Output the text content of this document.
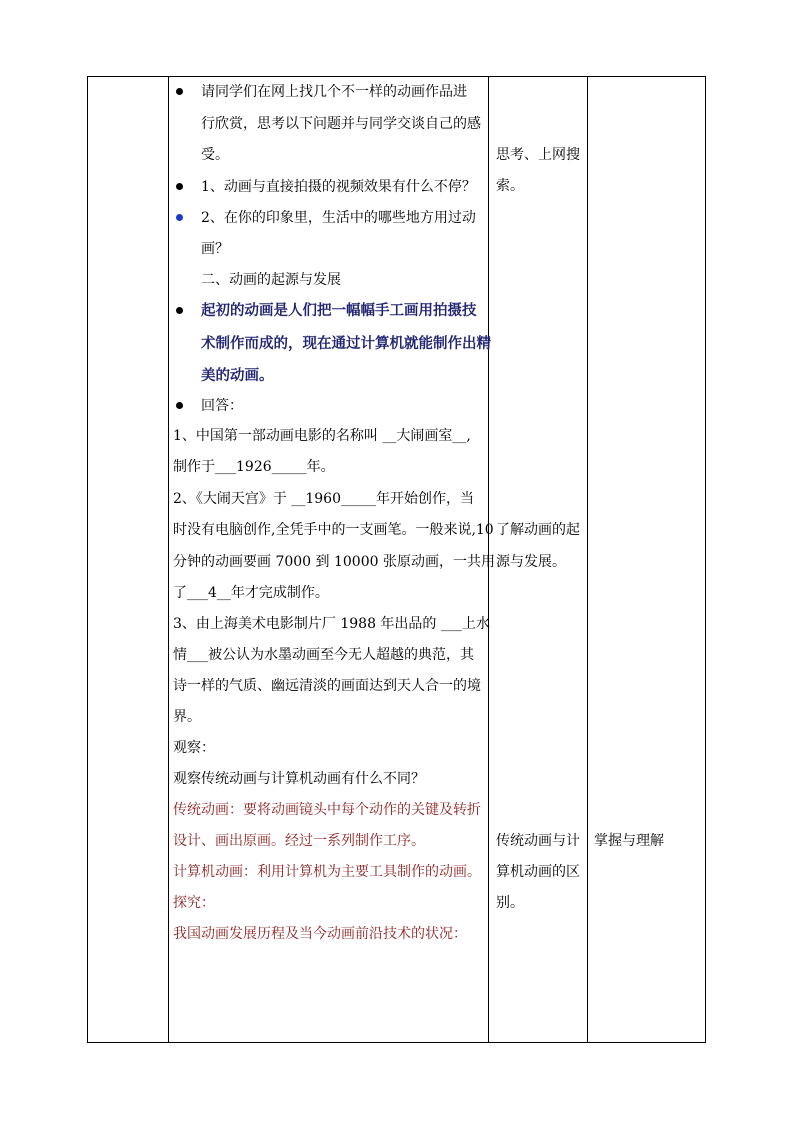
请同学们在网上找几个不一样的动画作品进
行欣赏，思考以下问题并与同学交谈自己的感
受。
1、动画与直接拍摄的视频效果有什么不停？
2、在你的印象里，生活中的哪些地方用过动
画？
二、动画的起源与发展
起初的动画是人们把一幅幅手工画用拍摄技
术制作而成的，现在通过计算机就能制作出精
美的动画。
回答：
1、中国第一部动画电影的名称叫 __大闹画室__,
制作于___1926_____年。
2、《大闹天宫》于 __1960_____年开始创作，当
时没有电脑创作,全凭手中的一支画笔。一般来说,10
分钟的动画要画 7000 到 10000 张原动画，一共用
了___4__年才完成制作。
3、由上海美术电影制片厂 1988 年出品的 ___上水
情___被公认为水墨动画至今无人超越的典范，其
诗一样的气质、幽远清淡的画面达到天人合一的境
界。
观察：
观察传统动画与计算机动画有什么不同？
传统动画：要将动画镜头中每个动作的关键及转折
设计、画出原画。经过一系列制作工序。
计算机动画：利用计算机为主要工具制作的动画。
探究：
我国动画发展历程及当今动画前沿技术的状况：
思考、上网搜
索。
了解动画的起
源与发展。
传统动画与计
算机动画的区
别。
掌握与理解
